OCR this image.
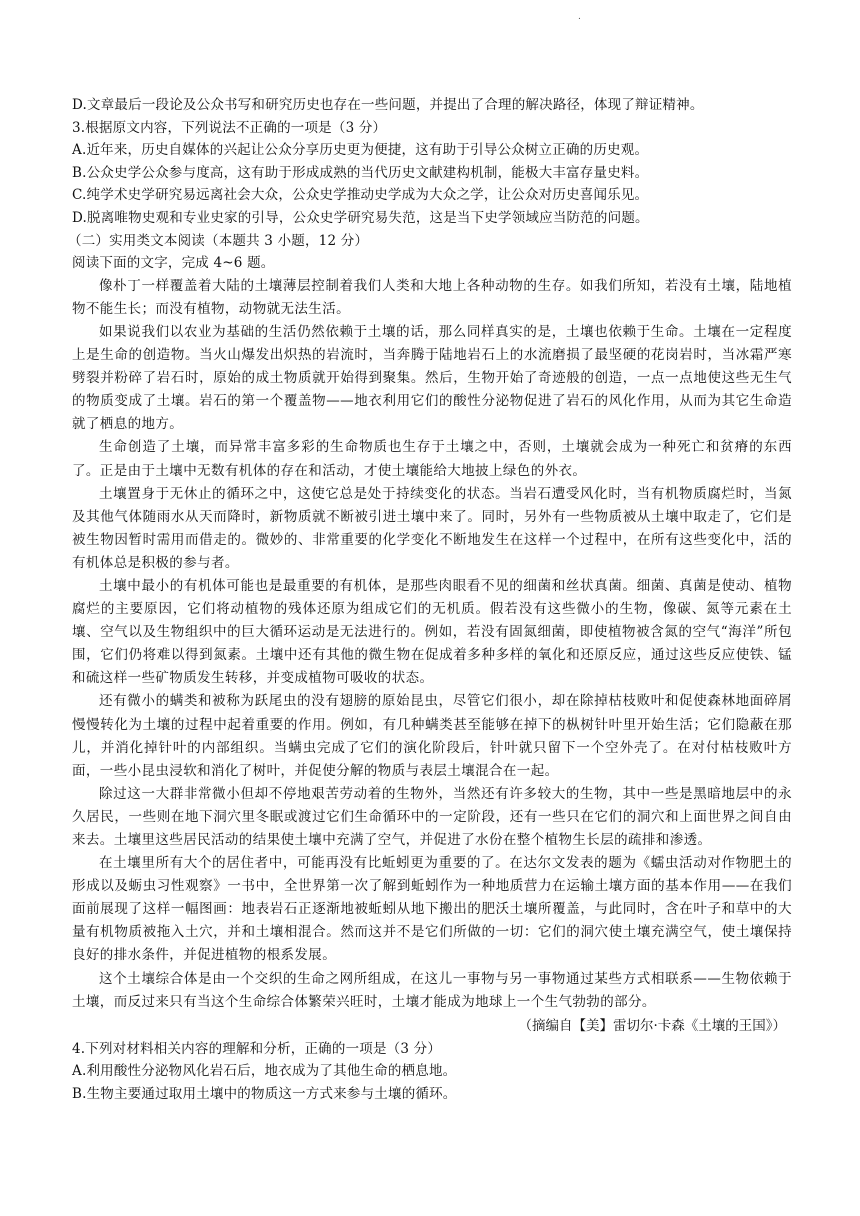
.
D.文章最后一段论及公众书写和研究历史也存在一些问题，并提出了合理的解决路径，体现了辩证精神。
3.根据原文内容，下列说法不正确的一项是（3 分）
A.近年来，历史自媒体的兴起让公众分享历史更为便捷，这有助于引导公众树立正确的历史观。
B.公众史学公众参与度高，这有助于形成成熟的当代历史文献建构机制，能极大丰富存量史料。
C.纯学术史学研究易远离社会大众，公众史学推动史学成为大众之学，让公众对历史喜闻乐见。
D.脱离唯物史观和专业史家的引导，公众史学研究易失范，这是当下史学领域应当防范的问题。
（二）实用类文本阅读（本题共 3 小题，12 分）
阅读下面的文字，完成 4~6 题。

像朴丁一样覆盖着大陆的土壤薄层控制着我们人类和大地上各种动物的生存。如我们所知，若没有土壤，陆地植物不能生长；而没有植物，动物就无法生活。

如果说我们以农业为基础的生活仍然依赖于土壤的话，那么同样真实的是，土壤也依赖于生命。土壤在一定程度上是生命的创造物。当火山爆发出炽热的岩流时，当奔腾于陆地岩石上的水流磨损了最坚硬的花岗岩时，当冰霜严寒劈裂并粉碎了岩石时，原始的成土物质就开始得到聚集。然后，生物开始了奇迹般的创造，一点一点地使这些无生气的物质变成了土壤。岩石的第一个覆盖物——地衣利用它们的酸性分泌物促进了岩石的风化作用，从而为其它生命造就了栖息的地方。

生命创造了土壤，而异常丰富多彩的生命物质也生存于土壤之中，否则，土壤就会成为一种死亡和贫瘠的东西了。正是由于土壤中无数有机体的存在和活动，才使土壤能给大地披上绿色的外衣。

土壤置身于无休止的循环之中，这使它总是处于持续变化的状态。当岩石遭受风化时，当有机物质腐烂时，当氮及其他气体随雨水从天而降时，新物质就不断被引进土壤中来了。同时，另外有一些物质被从土壤中取走了，它们是被生物因暂时需用而借走的。微妙的、非常重要的化学变化不断地发生在这样一个过程中，在所有这些变化中，活的有机体总是积极的参与者。

土壤中最小的有机体可能也是最重要的有机体，是那些肉眼看不见的细菌和丝状真菌。细菌、真菌是使动、植物腐烂的主要原因，它们将动植物的残体还原为组成它们的无机质。假若没有这些微小的生物，像碳、氮等元素在土壤、空气以及生物组织中的巨大循环运动是无法进行的。例如，若没有固氮细菌，即使植物被含氮的空气“海洋”所包围，它们仍将难以得到氮素。土壤中还有其他的微生物在促成着多种多样的氧化和还原反应，通过这些反应使铁、锰和硫这样一些矿物质发生转移，并变成植物可吸收的状态。

还有微小的螨类和被称为跃尾虫的没有翅膀的原始昆虫，尽管它们很小，却在除掉枯枝败叶和促使森林地面碎屑慢慢转化为土壤的过程中起着重要的作用。例如，有几种螨类甚至能够在掉下的枞树针叶里开始生活；它们隐蔽在那儿，并消化掉针叶的内部组织。当螨虫完成了它们的演化阶段后，针叶就只留下一个空外壳了。在对付枯枝败叶方面，一些小昆虫浸软和消化了树叶，并促使分解的物质与表层土壤混合在一起。

除过这一大群非常微小但却不停地艰苦劳动着的生物外，当然还有许多较大的生物，其中一些是黑暗地层中的永久居民，一些则在地下洞穴里冬眠或渡过它们生命循环中的一定阶段，还有一些只在它们的洞穴和上面世界之间自由来去。土壤里这些居民活动的结果使土壤中充满了空气，并促进了水份在整个植物生长层的疏排和渗透。

在土壤里所有大个的居住者中，可能再没有比蚯蚓更为重要的了。在达尔文发表的题为《蠕虫活动对作物肥土的形成以及蛎虫习性观察》一书中，全世界第一次了解到蚯蚓作为一种地质营力在运输土壤方面的基本作用——在我们面前展现了这样一幅图画：地表岩石正逐渐地被蚯蚓从地下搬出的肥沃土壤所覆盖，与此同时，含在叶子和草中的大量有机物质被拖入土穴，并和土壤相混合。然而这并不是它们所做的一切：它们的洞穴使土壤充满空气，使土壤保持良好的排水条件，并促进植物的根系发展。

这个土壤综合体是由一个交织的生命之网所组成，在这儿一事物与另一事物通过某些方式相联系——生物依赖于土壤，而反过来只有当这个生命综合体繁荣兴旺时，土壤才能成为地球上一个生气勃勃的部分。

（摘编自【美】雷切尔·卡森《土壤的王国》）
4.下列对材料相关内容的理解和分析，正确的一项是（3 分）
A.利用酸性分泌物风化岩石后，地衣成为了其他生命的栖息地。
B.生物主要通过取用土壤中的物质这一方式来参与土壤的循环。
